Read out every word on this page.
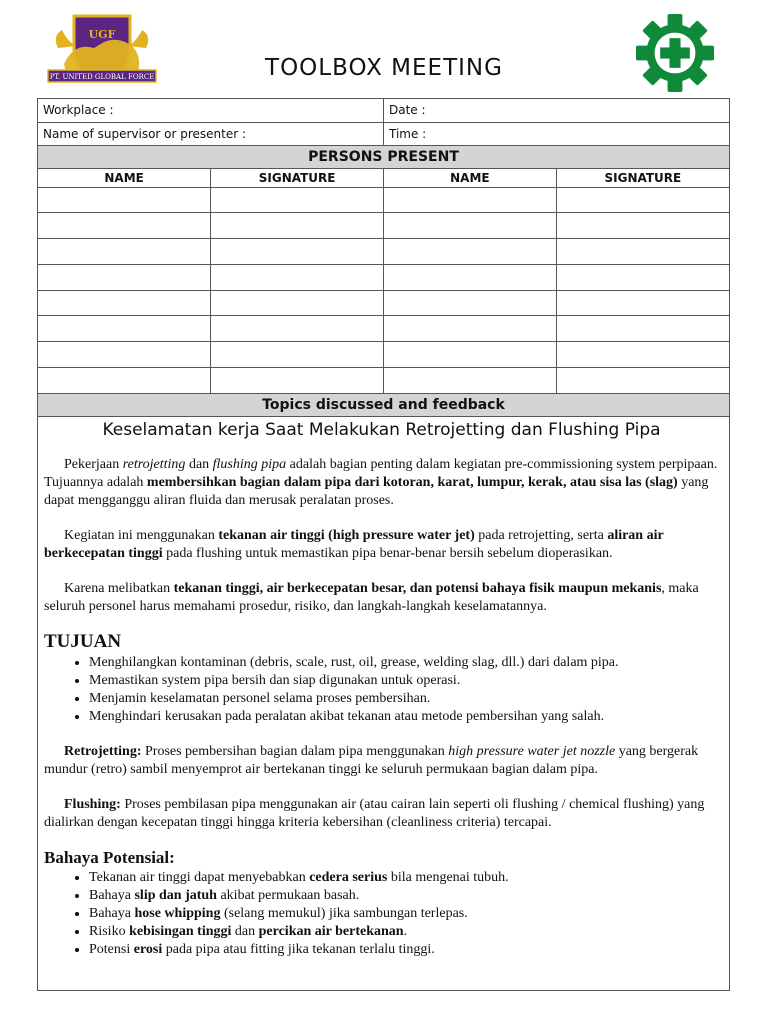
UGF
PT. UNITED GLOBAL FORCE	TOOLBOX MEETING
Workplace :		Date :	
Name of supervisor or presenter :		Time :	
PERSONS PRESENT			
NAME	SIGNATURE	NAME	SIGNATURE

Topics discussed and feedback			
Keselamatan kerja Saat Melakukan Retrojetting dan Flushing Pipa

Pekerjaan retrojetting dan flushing pipa adalah bagian penting dalam kegiatan pre-commissioning system perpipaan. Tujuannya adalah membersihkan bagian dalam pipa dari kotoran, karat, lumpur, kerak, atau sisa las (slag) yang dapat mengganggu aliran fluida dan merusak peralatan proses.

Kegiatan ini menggunakan tekanan air tinggi (high pressure water jet) pada retrojetting, serta aliran air berkecepatan tinggi pada flushing untuk memastikan pipa benar-benar bersih sebelum dioperasikan.

Karena melibatkan tekanan tinggi, air berkecepatan besar, dan potensi bahaya fisik maupun mekanis, maka seluruh personel harus memahami prosedur, risiko, dan langkah-langkah keselamatannya.

TUJUAN
• Menghilangkan kontaminan (debris, scale, rust, oil, grease, welding slag, dll.) dari dalam pipa.
• Memastikan system pipa bersih dan siap digunakan untuk operasi.
• Menjamin keselamatan personel selama proses pembersihan.
• Menghindari kerusakan pada peralatan akibat tekanan atau metode pembersihan yang salah.

Retrojetting: Proses pembersihan bagian dalam pipa menggunakan high pressure water jet nozzle yang bergerak mundur (retro) sambil menyemprot air bertekanan tinggi ke seluruh permukaan bagian dalam pipa.

Flushing: Proses pembilasan pipa menggunakan air (atau cairan lain seperti oli flushing / chemical flushing) yang dialirkan dengan kecepatan tinggi hingga kriteria kebersihan (cleanliness criteria) tercapai.

Bahaya Potensial:
• Tekanan air tinggi dapat menyebabkan cedera serius bila mengenai tubuh.
• Bahaya slip dan jatuh akibat permukaan basah.
• Bahaya hose whipping (selang memukul) jika sambungan terlepas.
• Risiko kebisingan tinggi dan percikan air bertekanan.
• Potensi erosi pada pipa atau fitting jika tekanan terlalu tinggi.
